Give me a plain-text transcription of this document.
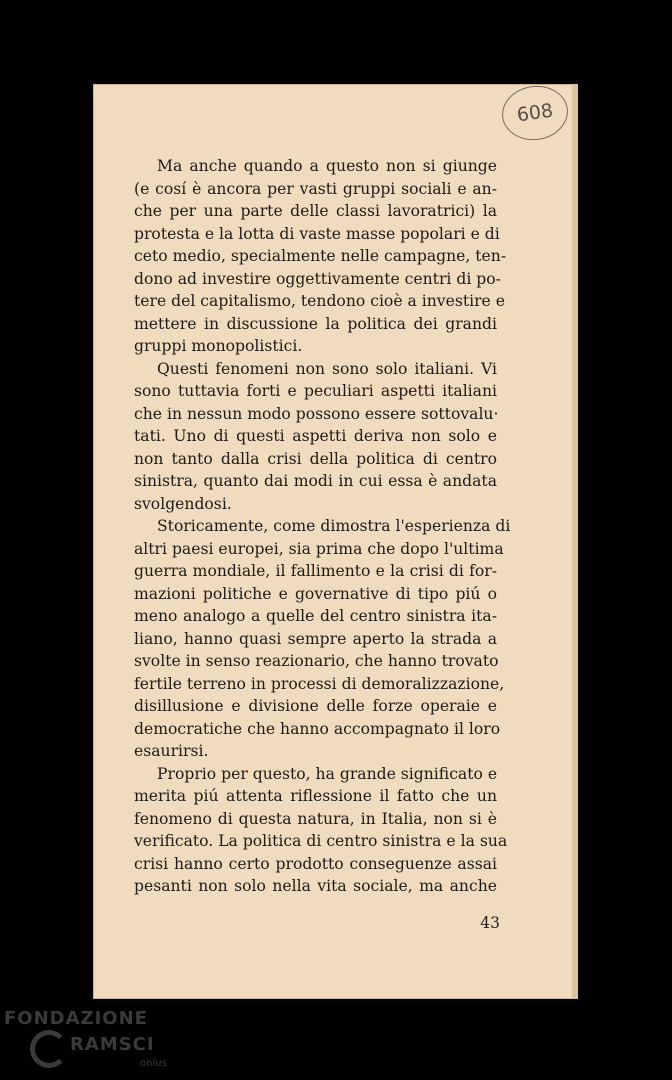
608

Ma anche quando a questo non si giunge
(e cosí è ancora per vasti gruppi sociali e an-
che per una parte delle classi lavoratrici) la
protesta e la lotta di vaste masse popolari e di
ceto medio, specialmente nelle campagne, ten-
dono ad investire oggettivamente centri di po-
tere del capitalismo, tendono cioè a investire e
mettere in discussione la politica dei grandi
gruppi monopolistici.

Questi fenomeni non sono solo italiani. Vi
sono tuttavia forti e peculiari aspetti italiani
che in nessun modo possono essere sottovalu·
tati. Uno di questi aspetti deriva non solo e
non tanto dalla crisi della politica di centro
sinistra, quanto dai modi in cui essa è andata
svolgendosi.

Storicamente, come dimostra l'esperienza di
altri paesi europei, sia prima che dopo l'ultima
guerra mondiale, il fallimento e la crisi di for-
mazioni politiche e governative di tipo piú o
meno analogo a quelle del centro sinistra ita-
liano, hanno quasi sempre aperto la strada a
svolte in senso reazionario, che hanno trovato
fertile terreno in processi di demoralizzazione,
disillusione e divisione delle forze operaie e
democratiche che hanno accompagnato il loro
esaurirsi.

Proprio per questo, ha grande significato e
merita piú attenta riflessione il fatto che un
fenomeno di questa natura, in Italia, non si è
verificato. La politica di centro sinistra e la sua
crisi hanno certo prodotto conseguenze assai
pesanti non solo nella vita sociale, ma anche

43
FONDAZIONE
RAMSCI
onlus
